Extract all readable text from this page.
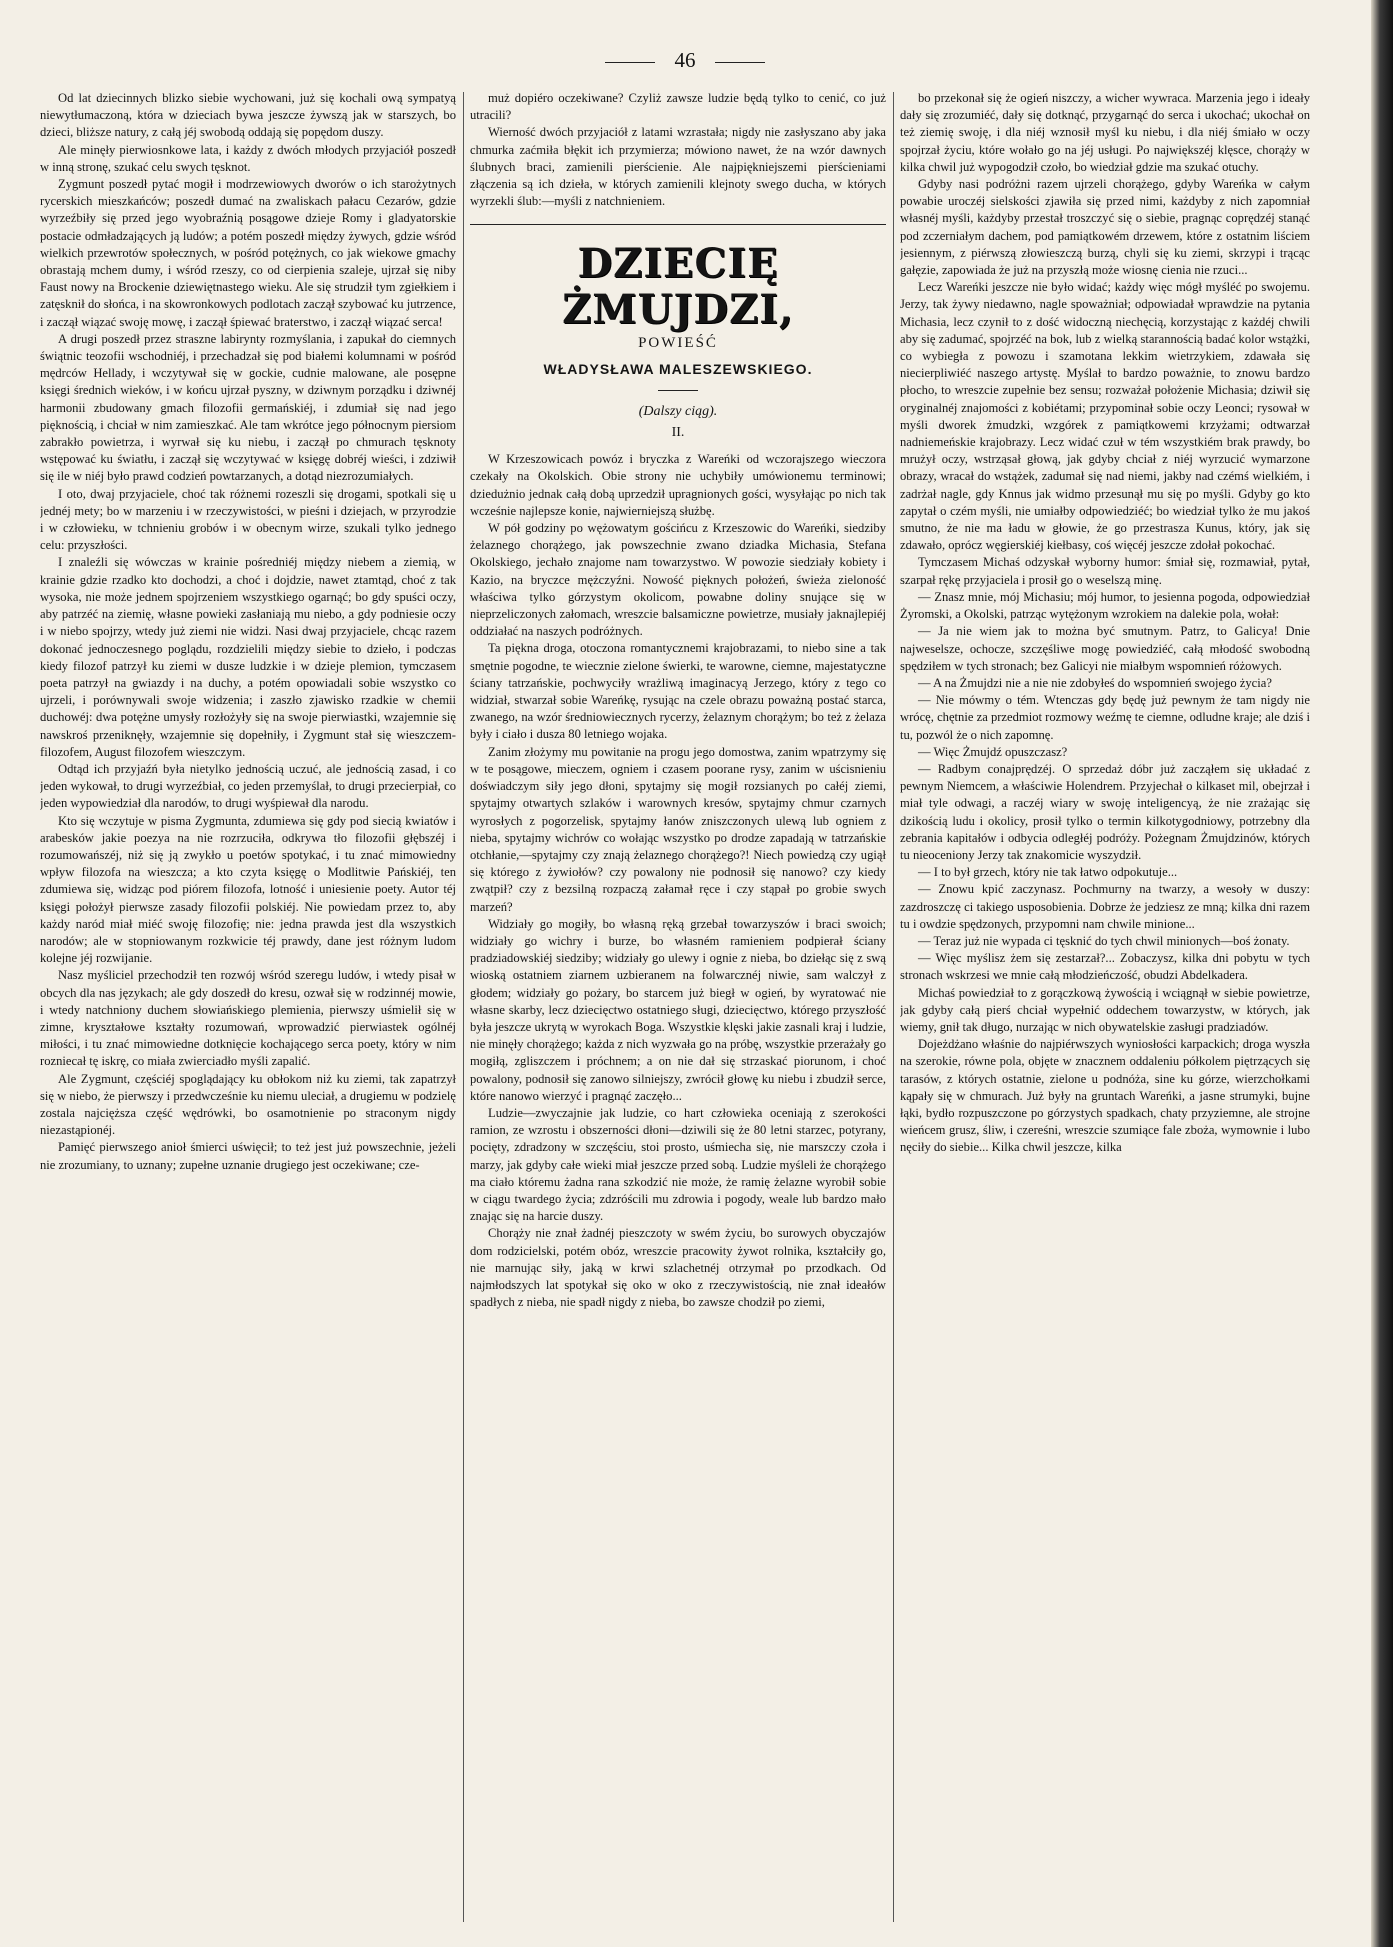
46

Od lat dziecinnych blizko siebie wychowani, już się kochali ową sympatyą niewytłumaczoną, która w dzieciach bywa jeszcze żywszą jak w starszych, bo dzieci, bliższe natury, z całą jéj swobodą oddają się popędom duszy.

Ale minęły pierwiosnkowe lata, i każdy z dwóch młodych przyjaciół poszedł w inną stronę, szukać celu swych tęsknot.

Zygmunt poszedł pytać mogił i modrzewiowych dworów o ich starożytnych rycerskich mieszkańców; poszedł dumać na zwaliskach pałacu Cezarów, gdzie wyrzeźbiły się przed jego wyobraźnią posągowe dzieje Romy i gladyatorskie postacie odmładzających ją ludów; a potém poszedł między żywych, gdzie wśród wielkich przewrotów społecznych, w pośród potężnych, co jak wiekowe gmachy obrastają mchem dumy, i wśród rzeszy, co od cierpienia szaleje, ujrzał się niby Faust nowy na Brockenie dziewiętnastego wieku. Ale się strudził tym zgiełkiem i zatęsknił do słońca, i na skowronkowych podlotach zaczął szybować ku jutrzence, i zaczął wiązać swoję mowę, i zaczął śpiewać braterstwo, i zaczął wiązać serca!

A drugi poszedł przez straszne labirynty rozmyślania, i zapukał do ciemnych świątnic teozofii wschodniéj, i przechadzał się pod białemi kolumnami w pośród mędrców Hellady, i wczytywał się w gockie, cudnie malowane, ale posępne księgi średnich wieków, i w końcu ujrzał pyszny, w dziwnym porządku i dziwnéj harmonii zbudowany gmach filozofii germańskiéj, i zdumiał się nad jego pięknością, i chciał w nim zamieszkać. Ale tam wkrótce jego północnym piersiom zabrakło powietrza, i wyrwał się ku niebu, i zaczął po chmurach tęsknoty wstępować ku światłu, i zaczął się wczytywać w księgę dobréj wieści, i zdziwił się ile w niéj było prawd codzień powtarzanych, a dotąd niezrozumiałych.

I oto, dwaj przyjaciele, choć tak różnemi rozeszli się drogami, spotkali się u jednéj mety; bo w marzeniu i w rzeczywistości, w pieśni i dziejach, w przyrodzie i w człowieku, w tchnieniu grobów i w obecnym wirze, szukali tylko jednego celu: przyszłości.

I znaleźli się wówczas w krainie pośredniéj między niebem a ziemią, w krainie gdzie rzadko kto dochodzi, a choć i dojdzie, nawet ztamtąd, choć z tak wysoka, nie może jednem spojrzeniem wszystkiego ogarnąć; bo gdy spuści oczy, aby patrzéć na ziemię, własne powieki zasłaniają mu niebo, a gdy podniesie oczy i w niebo spojrzy, wtedy już ziemi nie widzi. Nasi dwaj przyjaciele, chcąc razem dokonać jednoczesnego poglądu, rozdzielili między siebie to dzieło, i podczas kiedy filozof patrzył ku ziemi w dusze ludzkie i w dzieje plemion, tymczasem poeta patrzył na gwiazdy i na duchy, a potém opowiadali sobie wszystko co ujrzeli, i porównywali swoje widzenia; i zaszło zjawisko rzadkie w chemii duchowéj: dwa potężne umysły rozłożyły się na swoje pierwiastki, wzajemnie się nawskroś przeniknęły, wzajemnie się dopełniły, i Zygmunt stał się wieszczem-filozofem, August filozofem wieszczym.

Odtąd ich przyjaźń była nietylko jednością uczuć, ale jednością zasad, i co jeden wykował, to drugi wyrzeźbiał, co jeden przemyślał, to drugi przecierpiał, co jeden wypowiedział dla narodów, to drugi wyśpiewał dla narodu.

Kto się wczytuje w pisma Zygmunta, zdumiewa się gdy pod siecią kwiatów i arabesków jakie poezya na nie rozrzuciła, odkrywa tło filozofii głębszéj i rozumowańszéj, niż się ją zwykło u poetów spotykać, i tu znać mimowiedny wpływ filozofa na wieszcza; a kto czyta księgę o Modlitwie Pańskiéj, ten zdumiewa się, widząc pod piórem filozofa, lotność i uniesienie poety. Autor téj księgi położył pierwsze zasady filozofii polskiéj. Nie powiedam przez to, aby każdy naród miał miéć swoję filozofię; nie: jedna prawda jest dla wszystkich narodów; ale w stopniowanym rozkwicie téj prawdy, dane jest różnym ludom kolejne jéj rozwijanie.

Nasz myśliciel przechodził ten rozwój wśród szeregu ludów, i wtedy pisał w obcych dla nas językach; ale gdy doszedł do kresu, ozwał się w rodzinnéj mowie, i wtedy natchniony duchem słowiańskiego plemienia, pierwszy uśmielił się w zimne, kryształowe kształty rozumowań, wprowadzić pierwiastek ogólnéj miłości, i tu znać mimowiedne dotknięcie kochającego serca poety, który w nim rozniecał tę iskrę, co miała zwierciadło myśli zapalić.

Ale Zygmunt, częściéj spoglądający ku obłokom niż ku ziemi, tak zapatrzył się w niebo, że pierwszy i przedwcześnie ku niemu uleciał, a drugiemu w podzielę zostala najcięższa część wędrówki, bo osamotnienie po straconym nigdy niezastąpionéj.

Pamięć pierwszego anioł śmierci uświęcił; to też jest już powszechnie, jeżeli nie zrozumiany, to uznany; zupełne uznanie drugiego jest oczekiwane; cze-

muż dopiéro oczekiwane? Czyliż zawsze ludzie będą tylko to cenić, co już utracili?

Wierność dwóch przyjaciół z latami wzrastała; nigdy nie zasłyszano aby jaka chmurka zaćmiła błękit ich przymierza; mówiono nawet, że na wzór dawnych ślubnych braci, zamienili pierścienie. Ale najpiękniejszemi pierścieniami złączenia są ich dzieła, w których zamienili klejnoty swego ducha, w których wyrzekli ślub:—myśli z natchnieniem.

DZIECIĘ ŻMUJDZI,
POWIEŚĆ
WŁADYSŁAWA MALESZEWSKIEGO.
(Dalszy ciąg).
II.

W Krzeszowicach powóz i bryczka z Wareńki od wczorajszego wieczora czekały na Okolskich. Obie strony nie uchybiły umówionemu terminowi; dziedużnio jednak całą dobą uprzedził upragnionych gości, wysyłając po nich tak wcześnie najlepsze konie, najwierniejszą służbę.

W pół godziny po wężowatym gościńcu z Krzeszowic do Wareńki, siedziby żelaznego chorążego, jak powszechnie zwano dziadka Michasia, Stefana Okolskiego, jechało znajome nam towarzystwo. W powozie siedziały kobiety i Kazio, na bryczce mężczyźni. Nowość pięknych położeń, świeża zieloność właściwa tylko górzystym okolicom, powabne doliny snujące się w nieprzeliczonych załomach, wreszcie balsamiczne powietrze, musiały jaknajlepiéj oddziałać na naszych podróżnych.

Ta piękna droga, otoczona romantycznemi krajobrazami, to niebo sine a tak smętnie pogodne, te wiecznie zielone świerki, te warowne, ciemne, majestatyczne ściany tatrzańskie, pochwyciły wrażliwą imaginacyą Jerzego, który z tego co widział, stwarzał sobie Wareńkę, rysując na czele obrazu poważną postać starca, zwanego, na wzór średniowiecznych rycerzy, żelaznym chorążym; bo też z żelaza były i ciało i dusza 80 letniego wojaka.

Zanim złożymy mu powitanie na progu jego domostwa, zanim wpatrzymy się w te posągowe, mieczem, ogniem i czasem poorane rysy, zanim w uścisnieniu doświadczym siły jego dłoni, spytajmy się mogił rozsianych po całéj ziemi, spytajmy otwartych szlaków i warownych kresów, spytajmy chmur czarnych wyrosłych z pogorzelisk, spytajmy łanów zniszczonych ulewą lub ogniem z nieba, spytajmy wichrów co wołając wszystko po drodze zapadają w tatrzańskie otchłanie,—spytajmy czy znają żelaznego chorążego?! Niech powiedzą czy ugiął się którego z żywiołów? czy powalony nie podnosił się nanowo? czy kiedy zwątpił? czy z bezsilną rozpaczą załamał ręce i czy stąpał po grobie swych marzeń?

Widziały go mogiły, bo własną ręką grzebał towarzyszów i braci swoich; widziały go wichry i burze, bo własném ramieniem podpierał ściany pradziadowskiéj siedziby; widziały go ulewy i ognie z nieba, bo dziełąc się z swą wioską ostatniem ziarnem uzbieranem na folwarcznéj niwie, sam walczył z głodem; widziały go pożary, bo starcem już biegł w ogień, by wyratować nie własne skarby, lecz dziecięctwo ostatniego sługi, dziecięctwo, którego przyszłość była jeszcze ukrytą w wyrokach Boga. Wszystkie klęski jakie zasnali kraj i ludzie, nie minęły chorążego; każda z nich wyzwała go na próbę, wszystkie przerażały go mogiłą, zgliszczem i próchnem; a on nie dał się strzaskać piorunom, i choć powalony, podnosił się zanowo silniejszy, zwrócił głowę ku niebu i zbudził serce, które nanowo wierzyć i pragnąć zaczęło...

Ludzie—zwyczajnie jak ludzie, co hart człowieka oceniają z szerokości ramion, ze wzrostu i obszerności dłoni—dziwili się że 80 letni starzec, potyrany, pocięty, zdradzony w szczęściu, stoi prosto, uśmiecha się, nie marszczy czoła i marzy, jak gdyby całe wieki miał jeszcze przed sobą. Ludzie myśleli że chorążego ma ciało któremu żadna rana szkodzić nie może, że ramię żelazne wyrobił sobie w ciągu twardego życia; zdzróścili mu zdrowia i pogody, weale lub bardzo mało znając się na harcie duszy.

Chorąży nie znał żadnéj pieszczoty w swém życiu, bo surowych obyczajów dom rodzicielski, potém obóz, wreszcie pracowity żywot rolnika, kształciły go, nie marnując siły, jaką w krwi szlachetnéj otrzymał po przodkach. Od najmłodszych lat spotykał się oko w oko z rzeczywistością, nie znał ideałów spadłych z nieba, nie spadł nigdy z nieba, bo zawsze chodził po ziemi,

bo przekonał się że ogień niszczy, a wicher wywraca. Marzenia jego i ideały dały się zrozumiéć, dały się dotknąć, przygarnąć do serca i ukochać; ukochał on też ziemię swoję, i dla niéj wznosił myśl ku niebu, i dla niéj śmiało w oczy spojrzał życiu, które wołało go na jéj usługi. Po największéj klęsce, chorąży w kilka chwil już wypogodził czoło, bo wiedział gdzie ma szukać otuchy.

Gdyby nasi podróżni razem ujrzeli chorążego, gdyby Wareńka w całym powabie uroczéj sielskości zjawiła się przed nimi, każdyby z nich zapomniał własnéj myśli, każdyby przestał troszczyć się o siebie, pragnąc coprędzéj stanąć pod zczerniałym dachem, pod pamiątkowém drzewem, które z ostatnim liściem jesiennym, z piérwszą złowieszczą burzą, chyli się ku ziemi, skrzypi i trącąc gałęzie, zapowiada że już na przyszłą może wiosnę cienia nie rzuci...

Lecz Wareńki jeszcze nie było widać; każdy więc mógł myśléć po swojemu. Jerzy, tak żywy niedawno, nagle spoważniał; odpowiadał wprawdzie na pytania Michasia, lecz czynił to z dość widoczną niechęcią, korzystając z każdéj chwili aby się zadumać, spojrzéć na bok, lub z wielką starannością badać kolor wstążki, co wybiegła z powozu i szamotana lekkim wietrzykiem, zdawała się niecierpliwiéć naszego artystę. Myślał to bardzo poważnie, to znowu bardzo płocho, to wreszcie zupełnie bez sensu; rozważał położenie Michasia; dziwił się oryginalnéj znajomości z kobiétami; przypominał sobie oczy Leonci; rysował w myśli dworek żmudzki, wzgórek z pamiątkowemi krzyżami; odtwarzał nadniemeńskie krajobrazy. Lecz widać czuł w tém wszystkiém brak prawdy, bo mrużył oczy, wstrząsał głową, jak gdyby chciał z niéj wyrzucić wymarzone obrazy, wracał do wstążek, zadumał się nad niemi, jakby nad czémś wielkiém, i zadrżał nagle, gdy Knnus jak widmo przesunął mu się po myśli. Gdyby go kto zapytał o czém myśli, nie umiałby odpowiedziéć; bo wiedział tylko że mu jakoś smutno, że nie ma ładu w głowie, że go przestrasza Kunus, który, jak się zdawało, oprócz węgierskiéj kiełbasy, coś więcéj jeszcze zdołał pokochać.

Tymczasem Michaś odzyskał wyborny humor: śmiał się, rozmawiał, pytał, szarpał rękę przyjaciela i prosił go o weselszą minę.

— Znasz mnie, mój Michasiu; mój humor, to jesienna pogoda, odpowiedział Żyromski, a Okolski, patrząc wytężonym wzrokiem na dalekie pola, wołał:

— Ja nie wiem jak to można być smutnym. Patrz, to Galicya! Dnie najweselsze, ochocze, szczęśliwe mogę powiedziéć, całą młodość swobodną spędziłem w tych stronach; bez Galicyi nie miałbym wspomnień różowych.

— A na Żmujdzi nie a nie nie zdobyłeś do wspomnień swojego życia?

— Nie mówmy o tém. Wtenczas gdy będę już pewnym że tam nigdy nie wrócę, chętnie za przedmiot rozmowy weźmę te ciemne, odludne kraje; ale dziś i tu, pozwól że o nich zapomnę.

— Więc Żmujdź opuszczasz?

— Radbym conajprędzéj. O sprzedaż dóbr już zacząłem się układać z pewnym Niemcem, a właściwie Holendrem. Przyjechał o kilkaset mil, obejrzał i miał tyle odwagi, a raczéj wiary w swoję inteligencyą, że nie zrażając się dzikością ludu i okolicy, prosił tylko o termin kilkotygodniowy, potrzebny dla zebrania kapitałów i odbycia odległéj podróży. Pożegnam Żmujdzinów, których tu nieoceniony Jerzy tak znakomicie wyszydził.

— I to był grzech, który nie tak łatwo odpokutuje...

— Znowu kpić zaczynasz. Pochmurny na twarzy, a wesoły w duszy: zazdroszczę ci takiego usposobienia. Dobrze że jedziesz ze mną; kilka dni razem tu i owdzie spędzonych, przypomni nam chwile minione...

— Teraz już nie wypada ci tęsknić do tych chwil minionych—boś żonaty.

— Więc myślisz żem się zestarzał?... Zobaczysz, kilka dni pobytu w tych stronach wskrzesi we mnie całą młodzieńczość, obudzi Abdelkadera.

Michaś powiedział to z gorączkową żywością i wciągnął w siebie powietrze, jak gdyby całą pierś chciał wypełnić oddechem towarzystw, w których, jak wiemy, gnił tak długo, nurzając w nich obywatelskie zasługi pradziadów.

Dojeżdżano właśnie do najpiérwszych wyniosłości karpackich; droga wyszła na szerokie, równe pola, objęte w znacznem oddaleniu półkolem piętrzących się tarasów, z których ostatnie, zielone u podnóża, sine ku górze, wierzchołkami kąpały się w chmurach. Już były na gruntach Wareńki, a jasne strumyki, bujne łąki, bydło rozpuszczone po górzystych spadkach, chaty przyziemne, ale strojne wieńcem grusz, śliw, i czereśni, wreszcie szumiące fale zboża, wymownie i lubo nęciły do siebie... Kilka chwil jeszcze, kilka
